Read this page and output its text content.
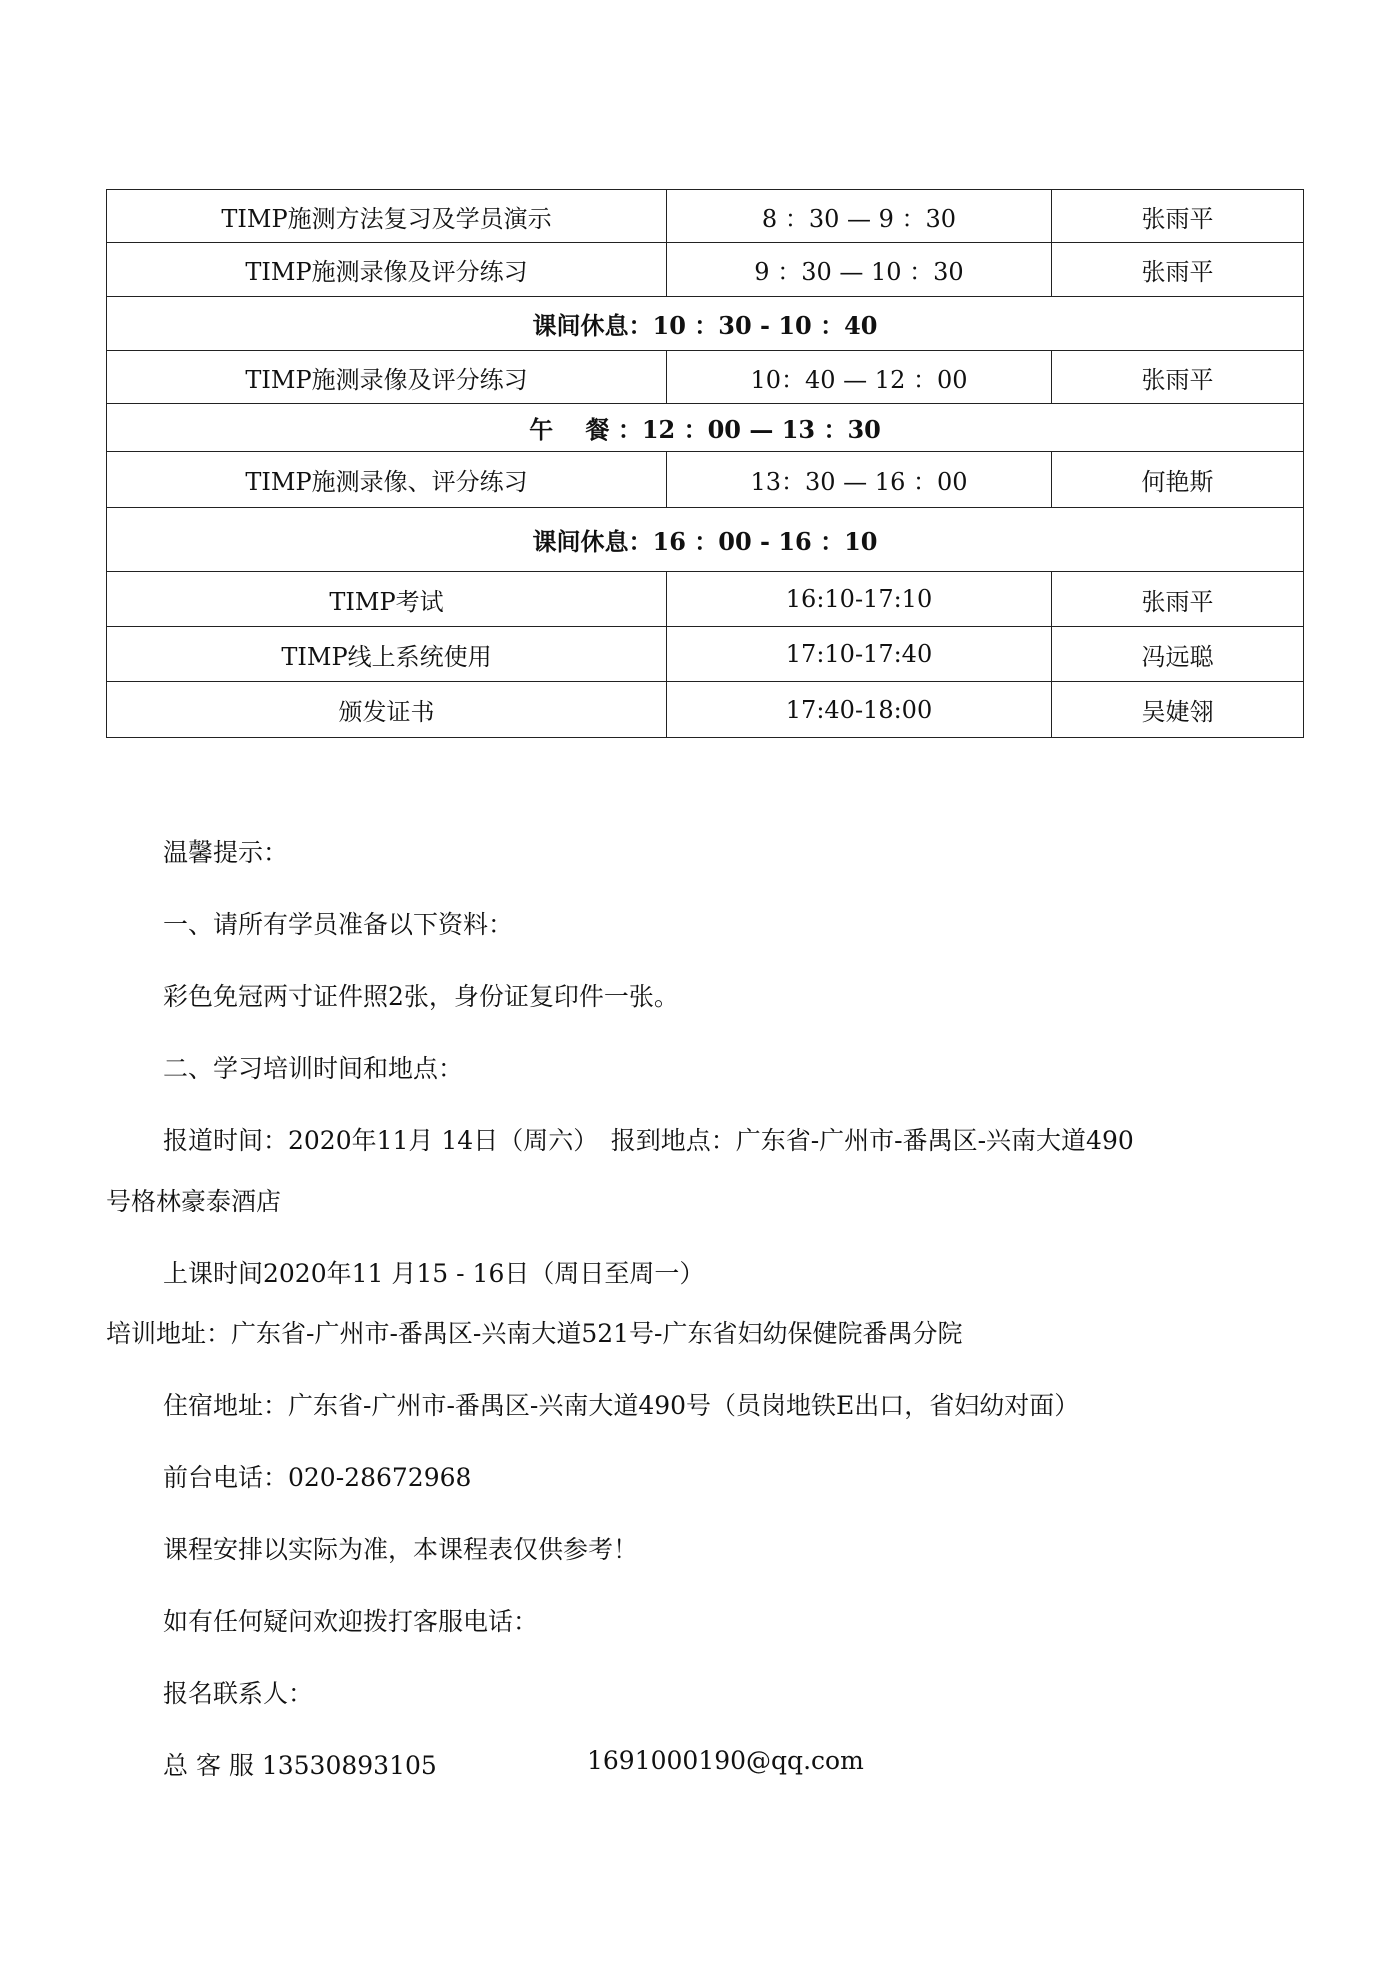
TIMP施测方法复习及学员演示	8 ：30 — 9 ：30	张雨平
TIMP施测录像及评分练习	9 ：30 — 10 ：30	张雨平
课间休息：10 ：30 - 10 ：40		
TIMP施测录像及评分练习	10：40 — 12 ：00	张雨平
午　 餐 ：12 ：00 — 13 ：30		
TIMP施测录像、评分练习	13：30 — 16 ：00	何艳斯
课间休息：16 ：00 - 16 ：10		
TIMP考试	16:10-17:10	张雨平
TIMP线上系统使用	17:10-17:40	冯远聪
颁发证书	17:40-18:00	吴婕翎
温馨提示：
一、请所有学员准备以下资料：
彩色免冠两寸证件照2张，身份证复印件一张。
二、学习培训时间和地点：
报道时间：2020年11月 14日（周六）　报到地点：广东省-广州市-番禺区-兴南大道490
号格林豪泰酒店
上课时间2020年11 月15 - 16日（周日至周一）
培训地址：广东省-广州市-番禺区-兴南大道521号-广东省妇幼保健院番禺分院
住宿地址：广东省-广州市-番禺区-兴南大道490号（员岗地铁E出口，省妇幼对面）
前台电话：020-28672968
课程安排以实际为准，本课程表仅供参考！
如有任何疑问欢迎拨打客服电话：
报名联系人：
总 客 服 13530893105	1691000190@qq.com
